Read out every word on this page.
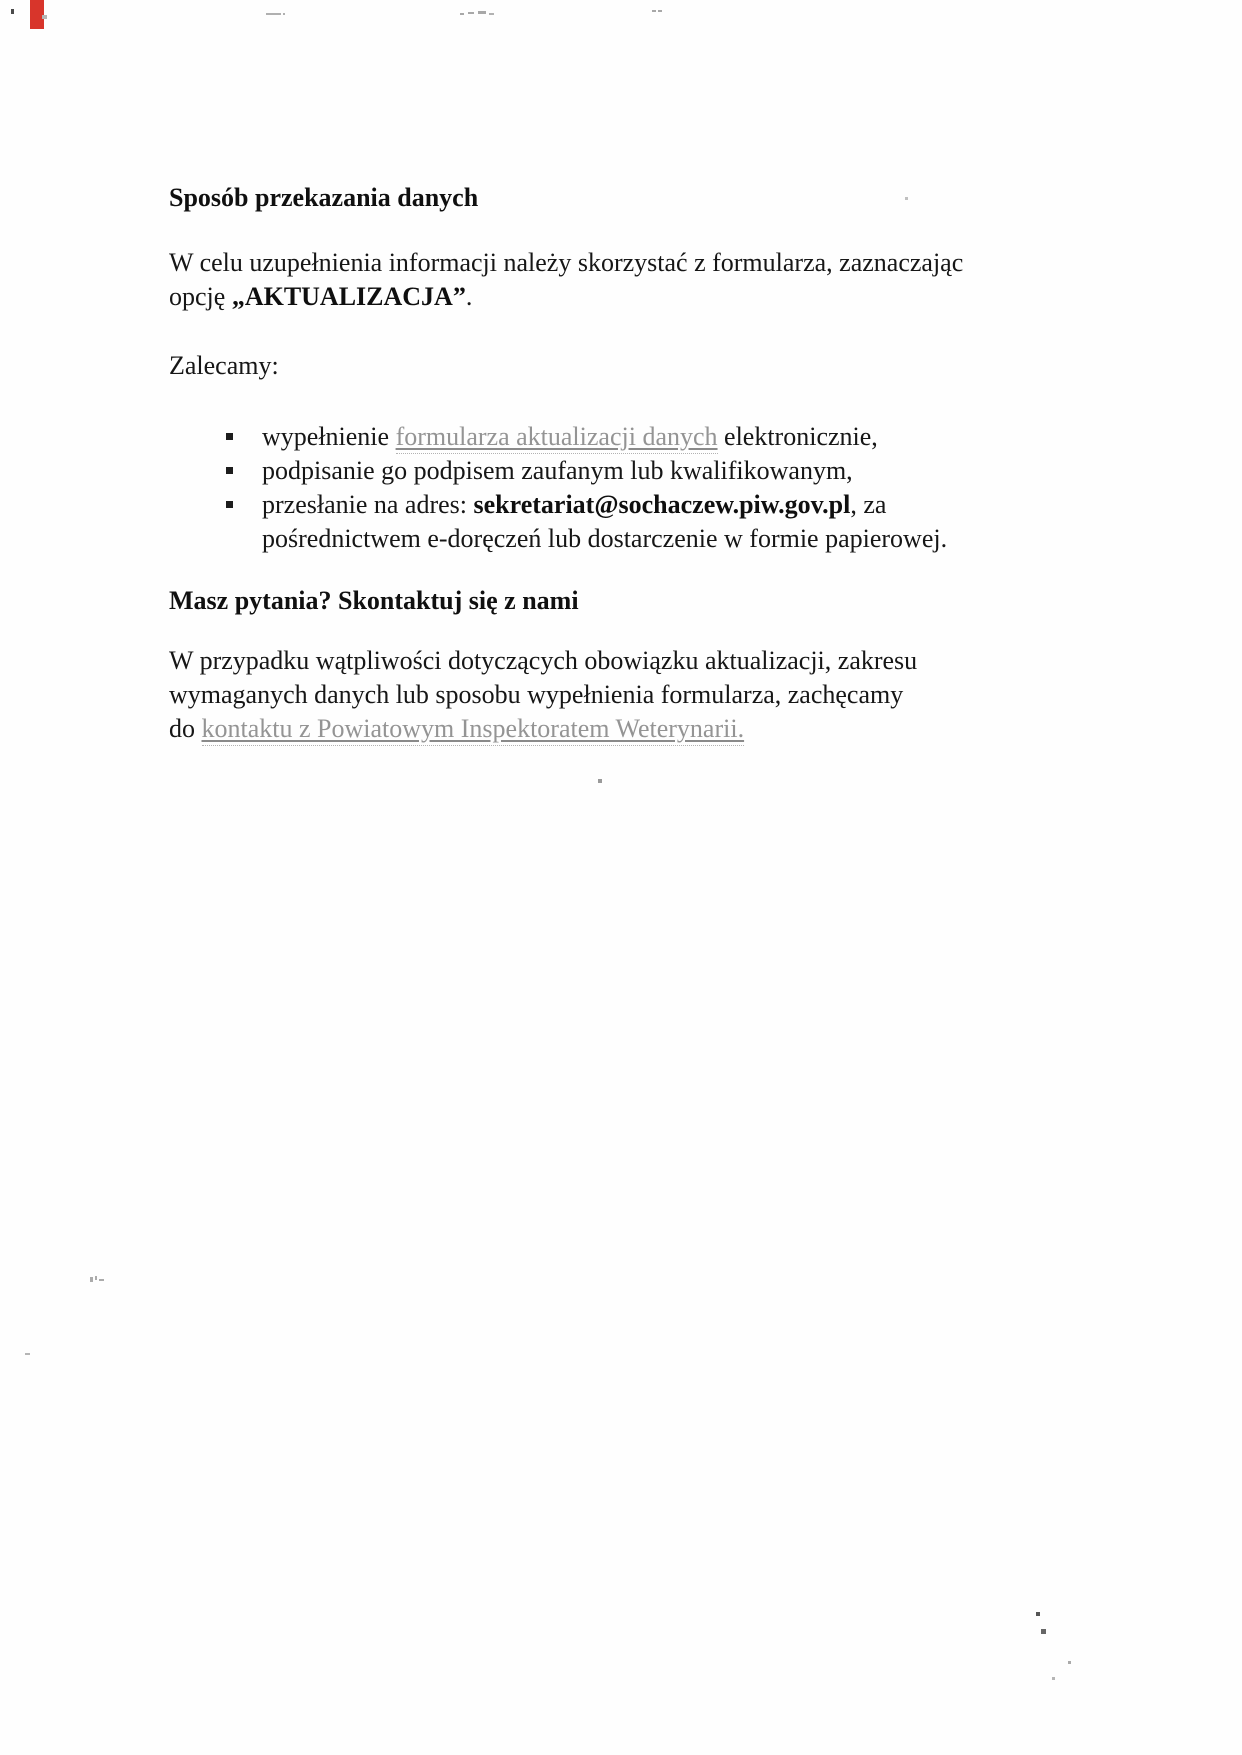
Sposób przekazania danych
W celu uzupełnienia informacji należy skorzystać z formularza, zaznaczając
opcję „AKTUALIZACJA”.
Zalecamy:
wypełnienie formularza aktualizacji danych elektronicznie,
podpisanie go podpisem zaufanym lub kwalifikowanym,
przesłanie na adres: sekretariat@sochaczew.piw.gov.pl, za
pośrednictwem e-doręczeń lub dostarczenie w formie papierowej.
Masz pytania? Skontaktuj się z nami
W przypadku wątpliwości dotyczących obowiązku aktualizacji, zakresu
wymaganych danych lub sposobu wypełnienia formularza, zachęcamy
do kontaktu z Powiatowym Inspektoratem Weterynarii.
